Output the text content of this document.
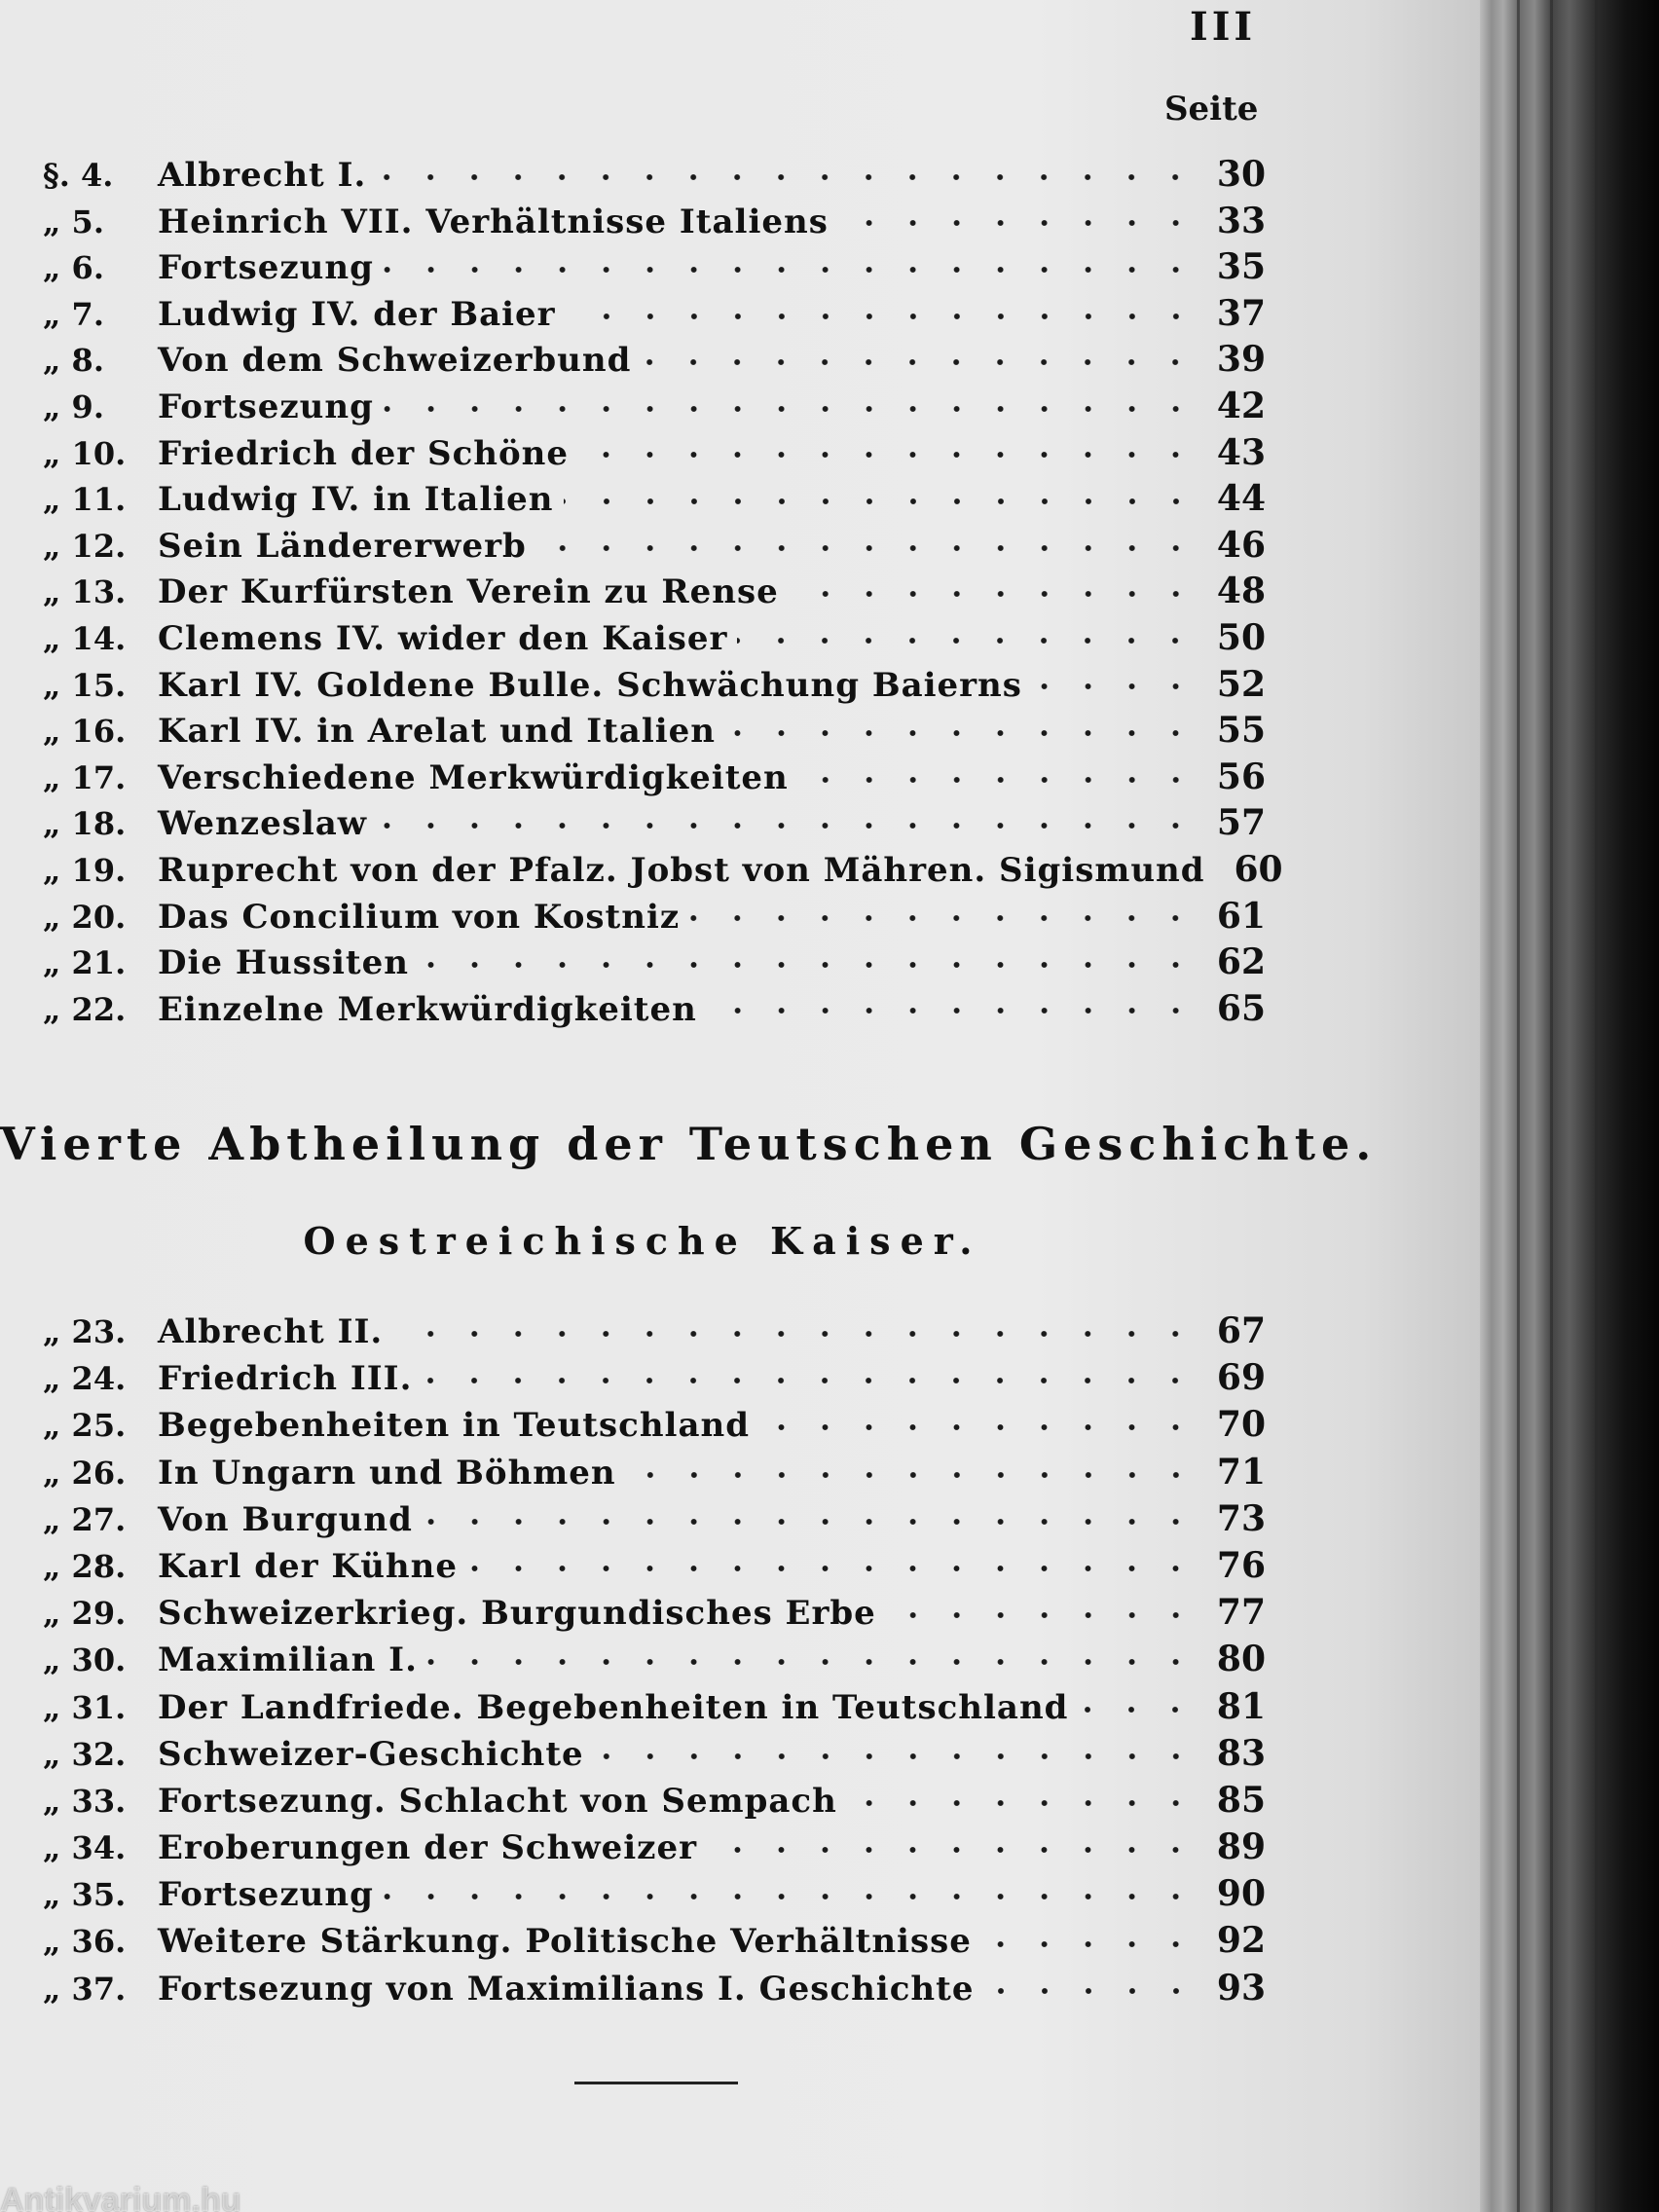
III
Seite
§. 4.	Albrecht I.	30
„ 5.	Heinrich VII. Verhältnisse Italiens	33
„ 6.	Fortsezung	35
„ 7.	Ludwig IV. der Baier	37
„ 8.	Von dem Schweizerbund	39
„ 9.	Fortsezung	42
„ 10. Friedrich der Schöne	43
„ 11. Ludwig IV. in Italien	44
„ 12. Sein Ländererwerb	46
„ 13. Der Kurfürsten Verein zu Rense	48
„ 14. Clemens IV. wider den Kaiser	50
„ 15. Karl IV. Goldene Bulle. Schwächung Baierns	52
„ 16. Karl IV. in Arelat und Italien	55
„ 17. Verschiedene Merkwürdigkeiten	56
„ 18. Wenzeslaw	57
„ 19. Ruprecht von der Pfalz. Jobst von Mähren. Sigismund 60
„ 20. Das Concilium von Kostniz	61
„ 21. Die Hussiten	62
„ 22. Einzelne Merkwürdigkeiten	65
Vierte Abtheilung der Teutschen Geschichte.
Oestreichische Kaiser.
„ 23. Albrecht II.	67
„ 24. Friedrich III.	69
„ 25. Begebenheiten in Teutschland	70
„ 26. In Ungarn und Böhmen	71
„ 27. Von Burgund	73
„ 28. Karl der Kühne	76
„ 29. Schweizerkrieg. Burgundisches Erbe	77
„ 30. Maximilian I.	80
„ 31. Der Landfriede. Begebenheiten in Teutschland	81
„ 32. Schweizer-Geschichte	83
„ 33. Fortsezung. Schlacht von Sempach	85
„ 34. Eroberungen der Schweizer	89
„ 35. Fortsezung	90
„ 36. Weitere Stärkung. Politische Verhältnisse	92
„ 37. Fortsezung von Maximilians I. Geschichte	93
Antikvarium.hu
